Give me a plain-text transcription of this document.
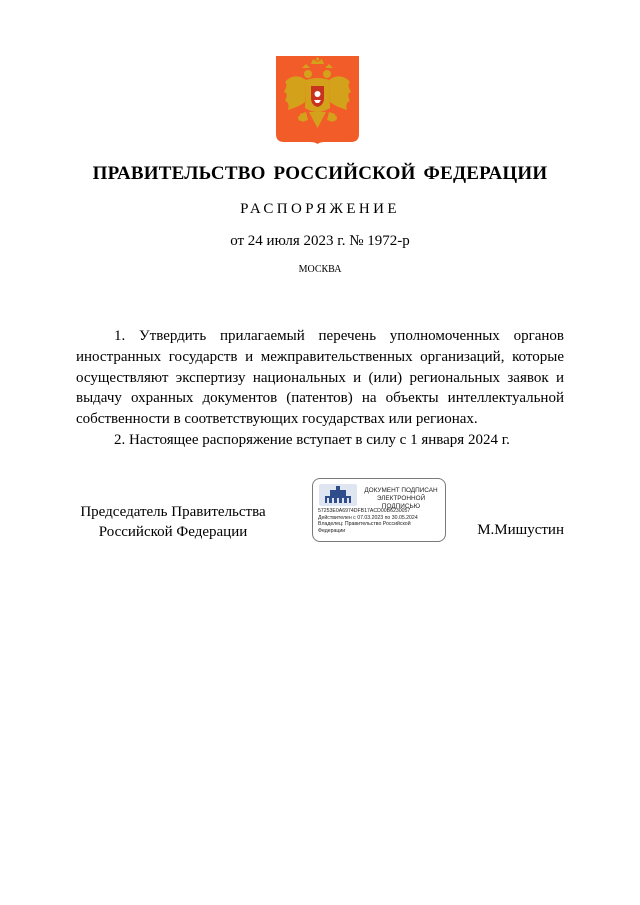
ПРАВИТЕЛЬСТВО РОССИЙСКОЙ ФЕДЕРАЦИИ
РАСПОРЯЖЕНИЕ
от 24 июля 2023 г. № 1972-р
МОСКВА

1. Утвердить прилагаемый перечень уполномоченных органов иностранных государств и межправительственных организаций, которые осуществляют экспертизу национальных и (или) региональных заявок и выдачу охранных документов (патентов) на объекты интеллектуальной собственности в соответствующих государствах или регионах.

2. Настоящее распоряжение вступает в силу с 1 января 2024 г.

Председатель Правительства
Российской Федерации
ДОКУМЕНТ ПОДПИСАН
ЭЛЕКТРОННОЙ ПОДПИСЬЮ
57253E0A6974DFB17ACD00B6230057
Действителен с 07.03.2023 по 30.05.2024
Владелец: Правительство Российской
Федерации	М.Мишустин
